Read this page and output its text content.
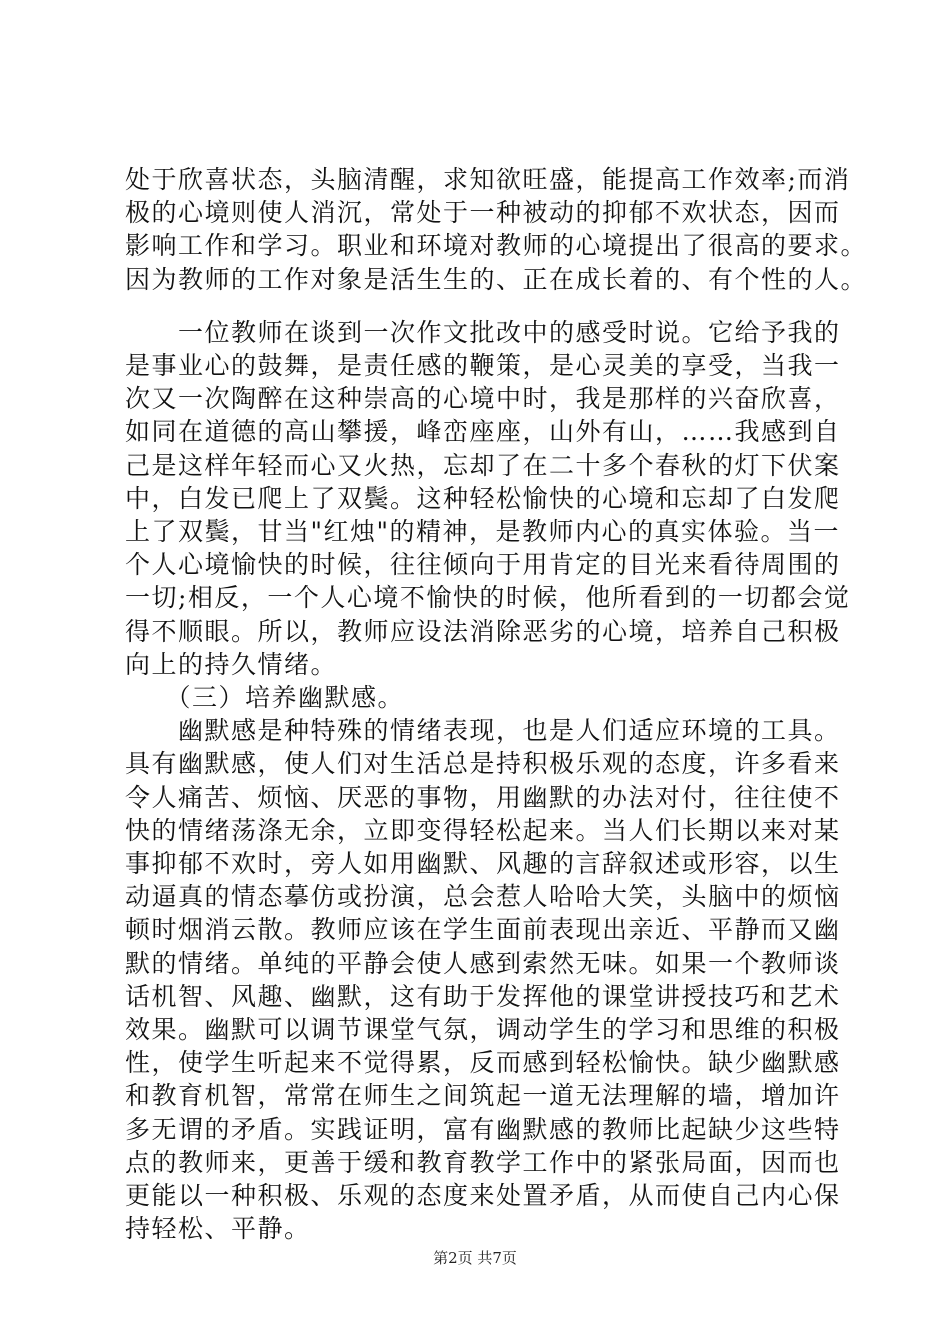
处于欣喜状态，头脑清醒，求知欲旺盛，能提高工作效率;而消
极的心境则使人消沉，常处于一种被动的抑郁不欢状态，因而
影响工作和学习。职业和环境对教师的心境提出了很高的要求。
因为教师的工作对象是活生生的、正在成长着的、有个性的人。
　　一位教师在谈到一次作文批改中的感受时说。它给予我的
是事业心的鼓舞，是责任感的鞭策，是心灵美的享受，当我一
次又一次陶醉在这种崇高的心境中时，我是那样的兴奋欣喜，
如同在道德的高山攀援，峰峦座座，山外有山，……我感到自
己是这样年轻而心又火热，忘却了在二十多个春秋的灯下伏案
中，白发已爬上了双鬓。这种轻松愉快的心境和忘却了白发爬
上了双鬓，甘当"红烛"的精神，是教师内心的真实体验。当一
个人心境愉快的时候，往往倾向于用肯定的目光来看待周围的
一切;相反，一个人心境不愉快的时候，他所看到的一切都会觉
得不顺眼。所以，教师应设法消除恶劣的心境，培养自己积极
向上的持久情绪。
　　（三）培养幽默感。
　　幽默感是种特殊的情绪表现，也是人们适应环境的工具。
具有幽默感，使人们对生活总是持积极乐观的态度，许多看来
令人痛苦、烦恼、厌恶的事物，用幽默的办法对付，往往使不
快的情绪荡涤无余，立即变得轻松起来。当人们长期以来对某
事抑郁不欢时，旁人如用幽默、风趣的言辞叙述或形容，以生
动逼真的情态摹仿或扮演，总会惹人哈哈大笑，头脑中的烦恼
顿时烟消云散。教师应该在学生面前表现出亲近、平静而又幽
默的情绪。单纯的平静会使人感到索然无味。如果一个教师谈
话机智、风趣、幽默，这有助于发挥他的课堂讲授技巧和艺术
效果。幽默可以调节课堂气氛，调动学生的学习和思维的积极
性，使学生听起来不觉得累，反而感到轻松愉快。缺少幽默感
和教育机智，常常在师生之间筑起一道无法理解的墙，增加许
多无谓的矛盾。实践证明，富有幽默感的教师比起缺少这些特
点的教师来，更善于缓和教育教学工作中的紧张局面，因而也
更能以一种积极、乐观的态度来处置矛盾，从而使自己内心保
持轻松、平静。
第2页 共7页
